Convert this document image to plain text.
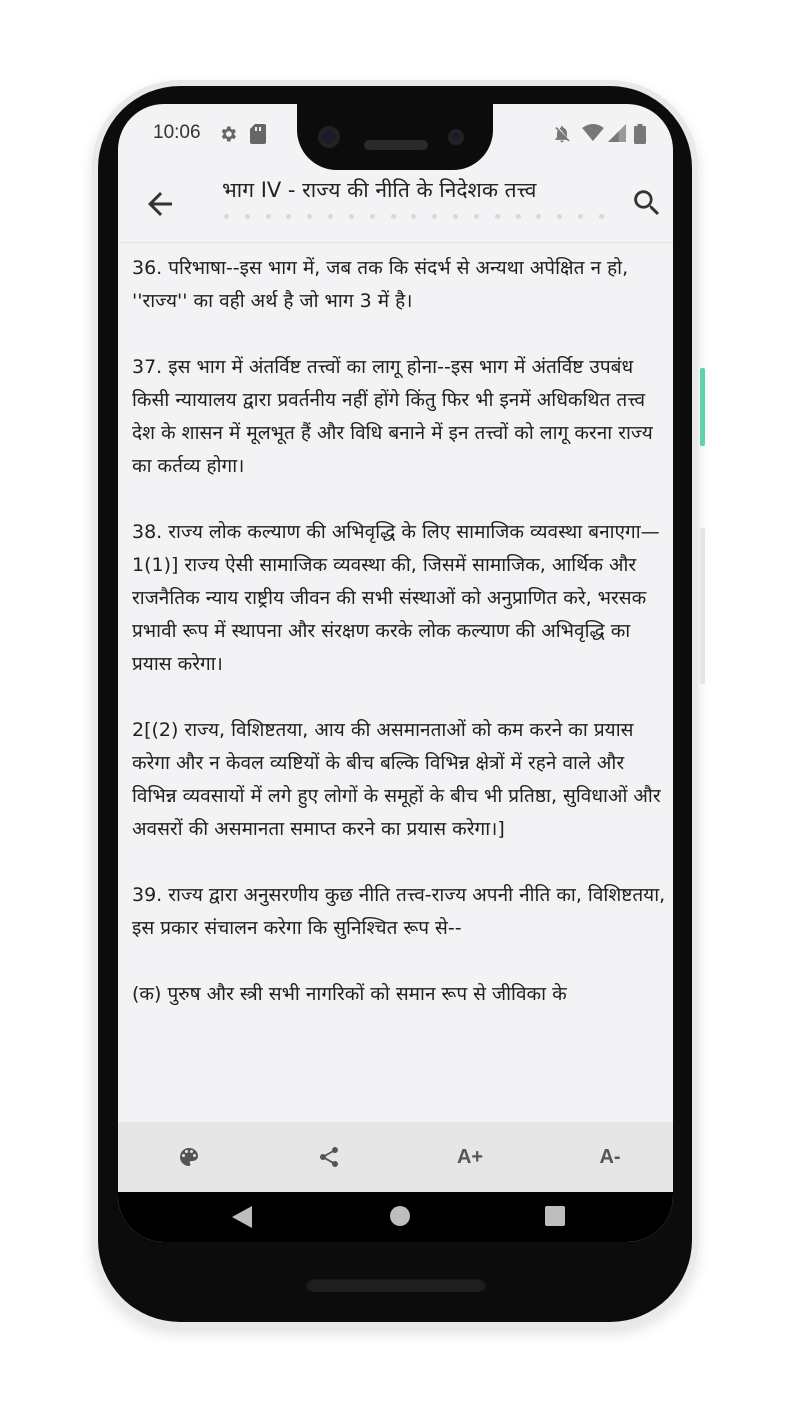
10:06
भाग IV - राज्य की नीति के निदेशक तत्त्व

36. परिभाषा--इस भाग में, जब तक कि संदर्भ से अन्यथा अपेक्षित न हो, ''राज्य'' का वही अर्थ है जो भाग 3 में है।

37. इस भाग में अंतर्विष्ट तत्त्वों का लागू होना--इस भाग में अंतर्विष्ट उपबंध किसी न्यायालय द्वारा प्रवर्तनीय नहीं होंगे किंतु फिर भी इनमें अधिकथित तत्त्व देश के शासन में मूलभूत हैं और विधि बनाने में इन तत्त्वों को लागू करना राज्य का कर्तव्य होगा।

38. राज्य लोक कल्याण की अभिवृद्धि के लिए सामाजिक व्यवस्था बनाएगा— 1(1)] राज्य ऐसी सामाजिक व्यवस्था की, जिसमें सामाजिक, आर्थिक और राजनैतिक न्याय राष्ट्रीय जीवन की सभी संस्थाओं को अनुप्राणित करे, भरसक प्रभावी रूप में स्थापना और संरक्षण करके लोक कल्याण की अभिवृद्धि का प्रयास करेगा।

2[(2) राज्य, विशिष्टतया, आय की असमानताओं को कम करने का प्रयास करेगा और न केवल व्यष्टियों के बीच बल्कि विभिन्न क्षेत्रों में रहने वाले और विभिन्न व्यवसायों में लगे हुए लोगों के समूहों के बीच भी प्रतिष्ठा, सुविधाओं और अवसरों की असमानता समाप्त करने का प्रयास करेगा।]

39. राज्य द्वारा अनुसरणीय कुछ नीति तत्त्व-राज्य अपनी नीति का, विशिष्टतया, इस प्रकार संचालन करेगा कि सुनिश्चित रूप से--

(क) पुरुष और स्त्री सभी नागरिकों को समान रूप से जीविका के

A+	A-
